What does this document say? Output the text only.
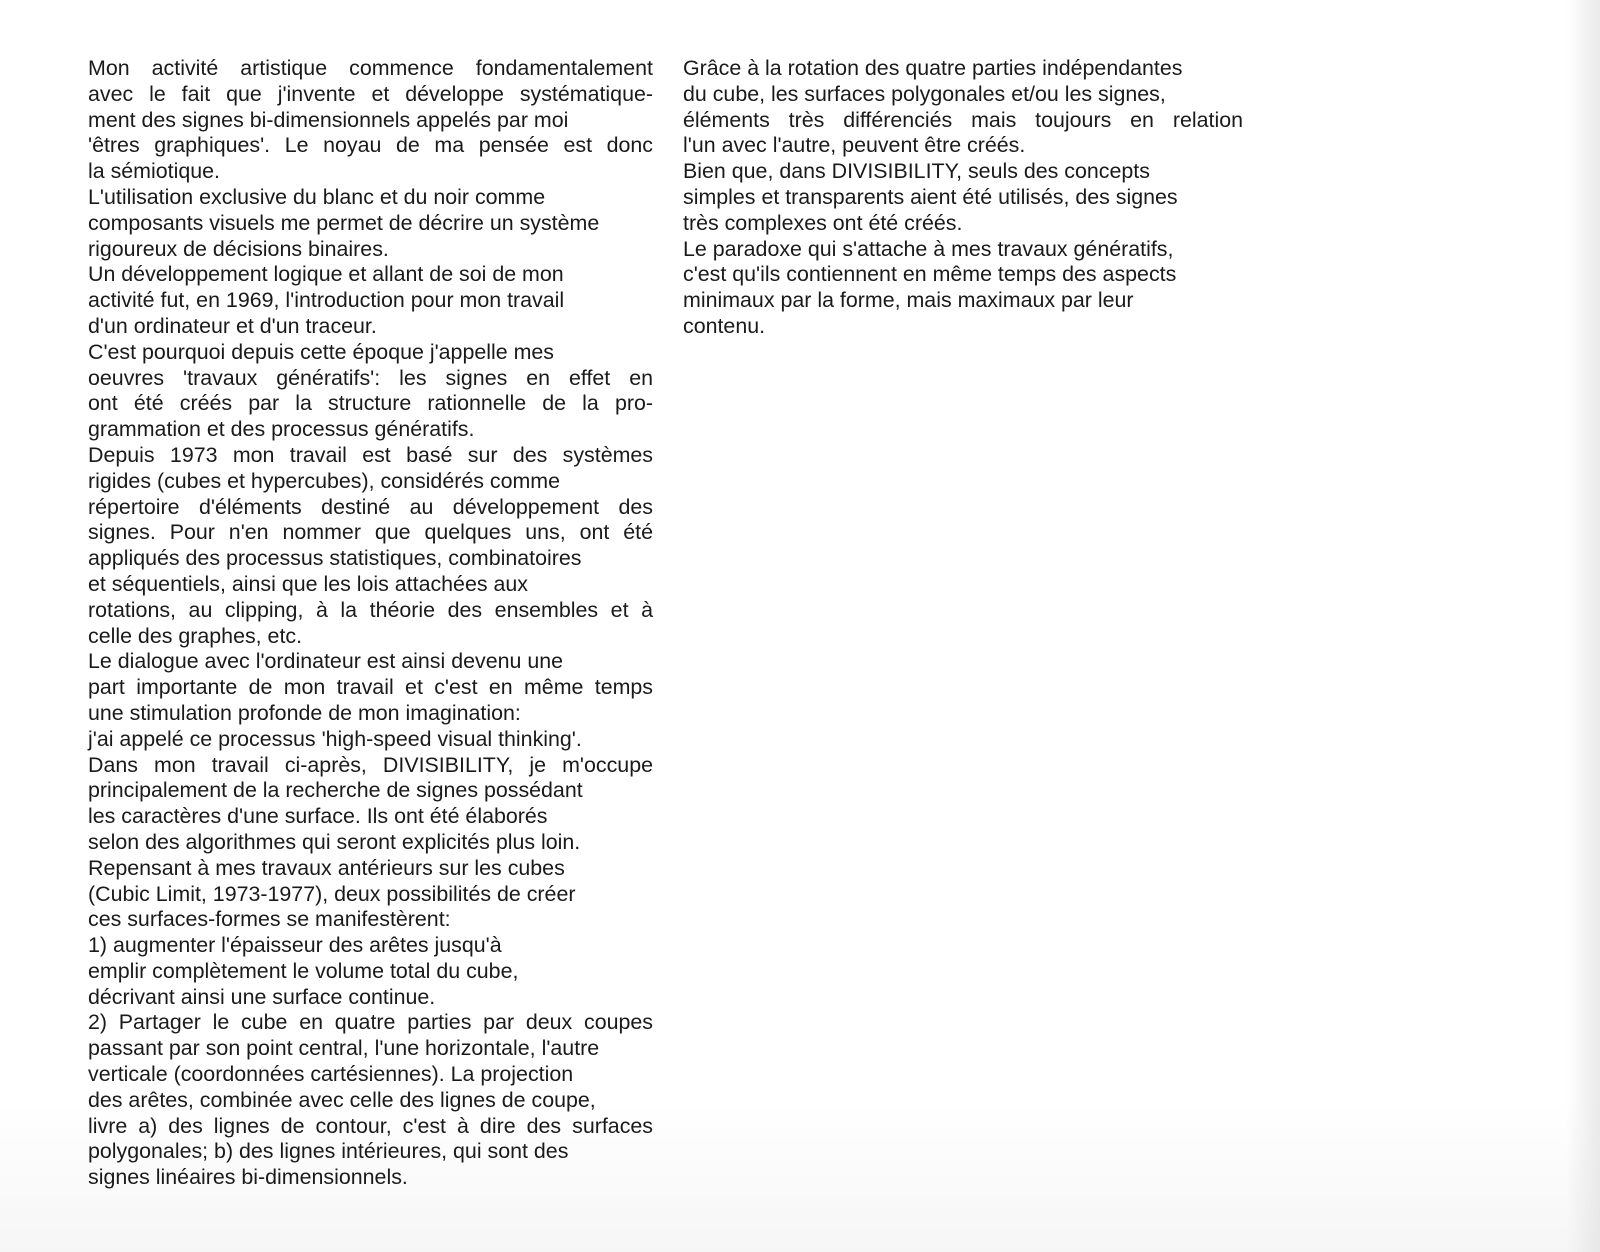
Mon activité artistique commence fondamentalement
avec le fait que j'invente et développe systématique-
ment des signes bi-dimensionnels appelés par moi
'êtres graphiques'. Le noyau de ma pensée est donc
la sémiotique.
L'utilisation exclusive du blanc et du noir comme
composants visuels me permet de décrire un système
rigoureux de décisions binaires.
Un développement logique et allant de soi de mon
activité fut, en 1969, l'introduction pour mon travail
d'un ordinateur et d'un traceur.
C'est pourquoi depuis cette époque j'appelle mes
oeuvres 'travaux génératifs': les signes en effet en
ont été créés par la structure rationnelle de la pro-
grammation et des processus génératifs.
Depuis 1973 mon travail est basé sur des systèmes
rigides (cubes et hypercubes), considérés comme
répertoire d'éléments destiné au développement des
signes. Pour n'en nommer que quelques uns, ont été
appliqués des processus statistiques, combinatoires
et séquentiels, ainsi que les lois attachées aux
rotations, au clipping, à la théorie des ensembles et à
celle des graphes, etc.
Le dialogue avec l'ordinateur est ainsi devenu une
part importante de mon travail et c'est en même temps
une stimulation profonde de mon imagination:
j'ai appelé ce processus 'high-speed visual thinking'.
Dans mon travail ci-après, DIVISIBILITY, je m'occupe
principalement de la recherche de signes possédant
les caractères d'une surface. Ils ont été élaborés
selon des algorithmes qui seront explicités plus loin.
Repensant à mes travaux antérieurs sur les cubes
(Cubic Limit, 1973-1977), deux possibilités de créer
ces surfaces-formes se manifestèrent:
1) augmenter l'épaisseur des arêtes jusqu'à
emplir complètement le volume total du cube,
décrivant ainsi une surface continue.
2) Partager le cube en quatre parties par deux coupes
passant par son point central, l'une horizontale, l'autre
verticale (coordonnées cartésiennes). La projection
des arêtes, combinée avec celle des lignes de coupe,
livre a) des lignes de contour, c'est à dire des surfaces
polygonales; b) des lignes intérieures, qui sont des
signes linéaires bi-dimensionnels.
Grâce à la rotation des quatre parties indépendantes
du cube, les surfaces polygonales et/ou les signes,
éléments très différenciés mais toujours en relation
l'un avec l'autre, peuvent être créés.
Bien que, dans DIVISIBILITY, seuls des concepts
simples et transparents aient été utilisés, des signes
très complexes ont été créés.
Le paradoxe qui s'attache à mes travaux génératifs,
c'est qu'ils contiennent en même temps des aspects
minimaux par la forme, mais maximaux par leur
contenu.
